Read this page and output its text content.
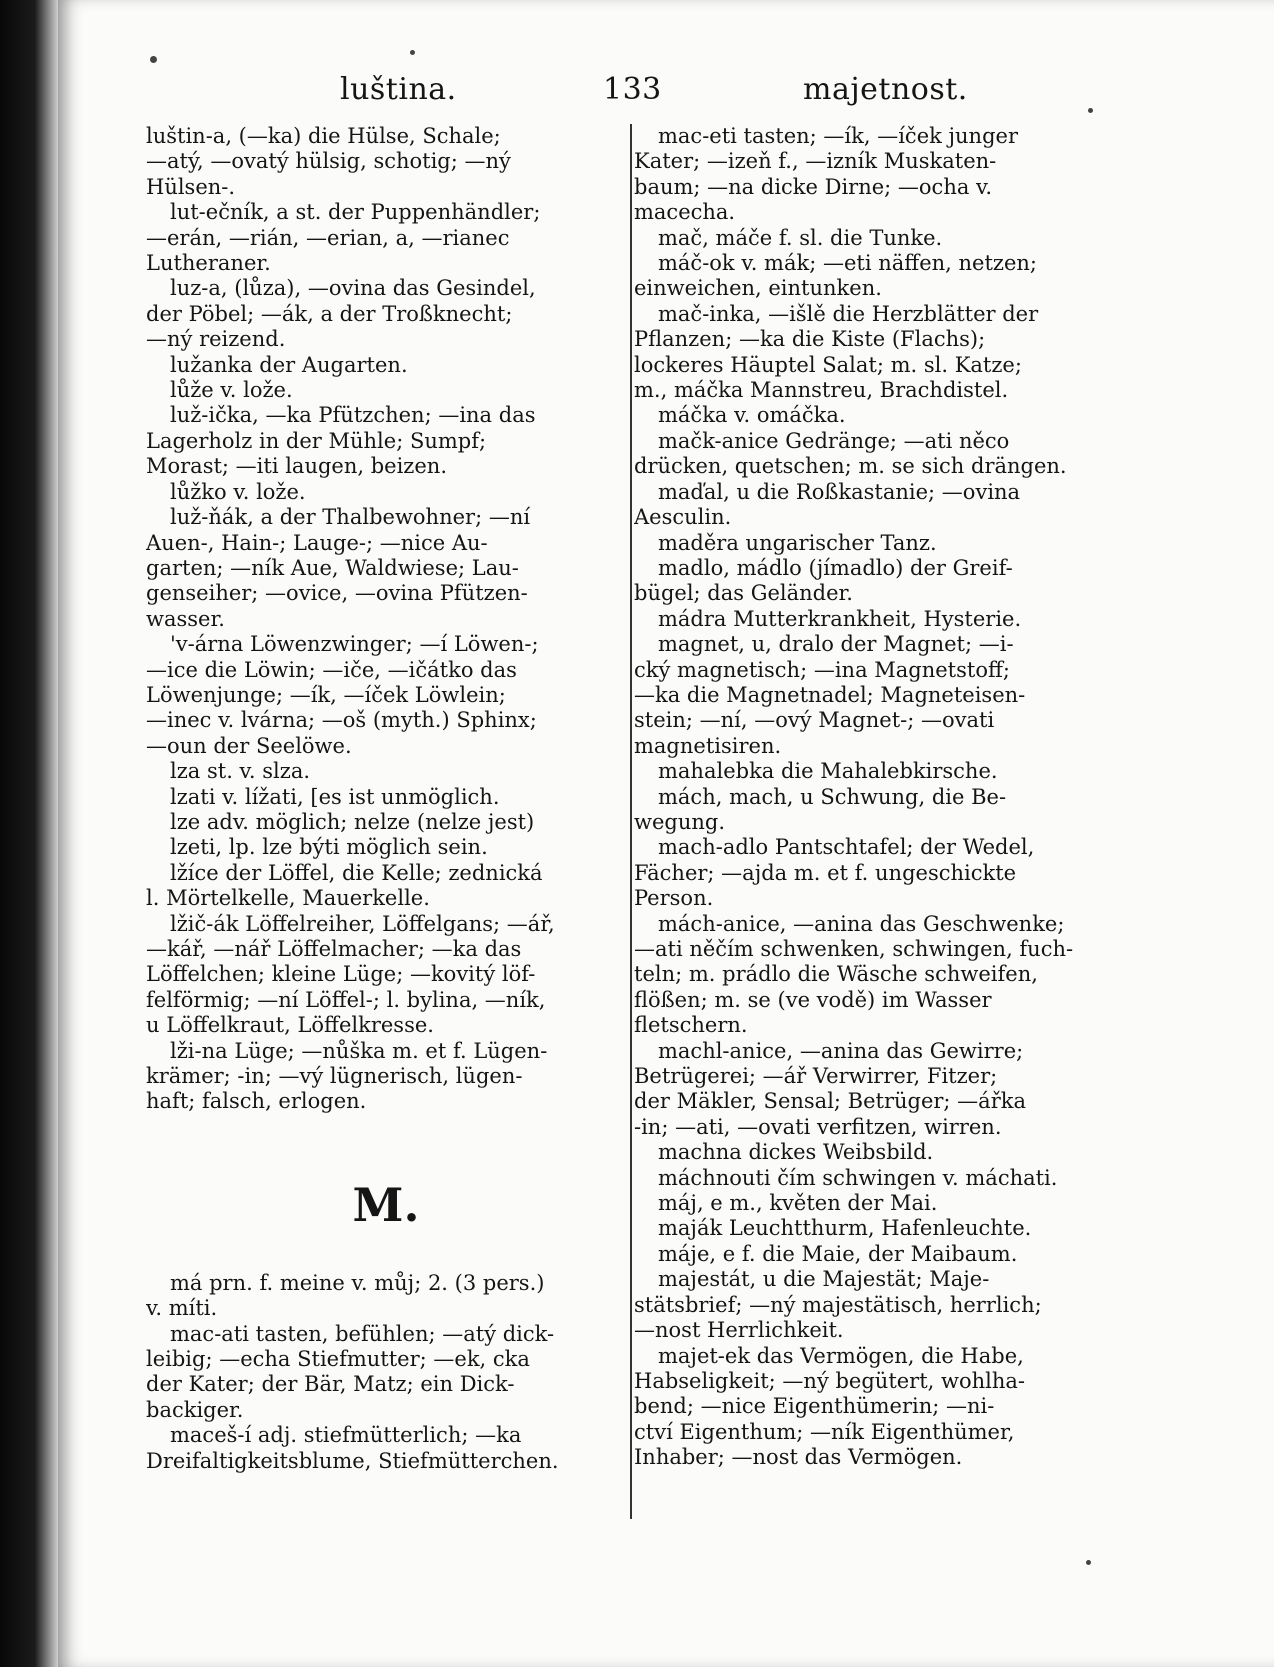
luština.	133	majetnost.
luštin-a, (—ka) die Hülse, Schale;
—atý, —ovatý hülsig, schotig; —ný
Hülsen-.
lut-ečník, a st. der Puppenhändler;
—erán, —rián, —erian, a, —rianec
Lutheraner.
luz-a, (lůza), —ovina das Gesindel,
der Pöbel; —ák, a der Troßknecht;
—ný reizend.
lužanka der Augarten.
lůže v. lože.
luž-ička, —ka Pfützchen; —ina das
Lagerholz in der Mühle; Sumpf;
Morast; —iti laugen, beizen.
lůžko v. lože.
luž-ňák, a der Thalbewohner; —ní
Auen-, Hain-; Lauge-; —nice Au-
garten; —ník Aue, Waldwiese; Lau-
genseiher; —ovice, —ovina Pfützen-
wasser.
'v-árna Löwenzwinger; —í Löwen-;
—ice die Löwin; —iče, —ičátko das
Löwenjunge; —ík, —íček Löwlein;
—inec v. lvárna; —oš (myth.) Sphinx;
—oun der Seelöwe.
lza st. v. slza.
lzati v. lížati, [es ist unmöglich.
lze adv. möglich; nelze (nelze jest)
lzeti, lp. lze býti möglich sein.
lžíce der Löffel, die Kelle; zednická
l. Mörtelkelle, Mauerkelle.
lžič-ák Löffelreiher, Löffelgans; —ář,
—kář, —nář Löffelmacher; —ka das
Löffelchen; kleine Lüge; —kovitý löf-
felförmig; —ní Löffel-; l. bylina, —ník,
u Löffelkraut, Löffelkresse.
lži-na Lüge; —nůška m. et f. Lügen-
krämer; -in; —vý lügnerisch, lügen-
haft; falsch, erlogen.
M.
má prn. f. meine v. můj; 2. (3 pers.)
v. míti.
mac-ati tasten, befühlen; —atý dick-
leibig; —echa Stiefmutter; —ek, cka
der Kater; der Bär, Matz; ein Dick-
backiger.
maceš-í adj. stiefmütterlich; —ka
Dreifaltigkeitsblume, Stiefmütterchen.
mac-eti tasten; —ík, —íček junger
Kater; —izeň f., —izník Muskaten-
baum; —na dicke Dirne; —ocha v.
macecha.
mač, máče f. sl. die Tunke.
máč-ok v. mák; —eti näffen, netzen;
einweichen, eintunken.
mač-inka, —išlě die Herzblätter der
Pflanzen; —ka die Kiste (Flachs);
lockeres Häuptel Salat; m. sl. Katze;
m., máčka Mannstreu, Brachdistel.
máčka v. omáčka.
mačk-anice Gedränge; —ati něco
drücken, quetschen; m. se sich drängen.
maďal, u die Roßkastanie; —ovina
Aesculin.
maděra ungarischer Tanz.
madlo, mádlo (jímadlo) der Greif-
bügel; das Geländer.
mádra Mutterkrankheit, Hysterie.
magnet, u, dralo der Magnet; —i-
cký magnetisch; —ina Magnetstoff;
—ka die Magnetnadel; Magneteisen-
stein; —ní, —ový Magnet-; —ovati
magnetisiren.
mahalebka die Mahalebkirsche.
mách, mach, u Schwung, die Be-
wegung.
mach-adlo Pantschtafel; der Wedel,
Fächer; —ajda m. et f. ungeschickte
Person.
mách-anice, —anina das Geschwenke;
—ati něčím schwenken, schwingen, fuch-
teln; m. prádlo die Wäsche schweifen,
flößen; m. se (ve vodě) im Wasser
fletschern.
machl-anice, —anina das Gewirre;
Betrügerei; —ář Verwirrer, Fitzer;
der Mäkler, Sensal; Betrüger; —ářka
-in; —ati, —ovati verfitzen, wirren.
machna dickes Weibsbild.
máchnouti čím schwingen v. máchati.
máj, e m., květen der Mai.
maják Leuchtthurm, Hafenleuchte.
máje, e f. die Maie, der Maibaum.
majestát, u die Majestät; Maje-
stätsbrief; —ný majestätisch, herrlich;
—nost Herrlichkeit.
majet-ek das Vermögen, die Habe,
Habseligkeit; —ný begütert, wohlha-
bend; —nice Eigenthümerin; —ni-
ctví Eigenthum; —ník Eigenthümer,
Inhaber; —nost das Vermögen.
